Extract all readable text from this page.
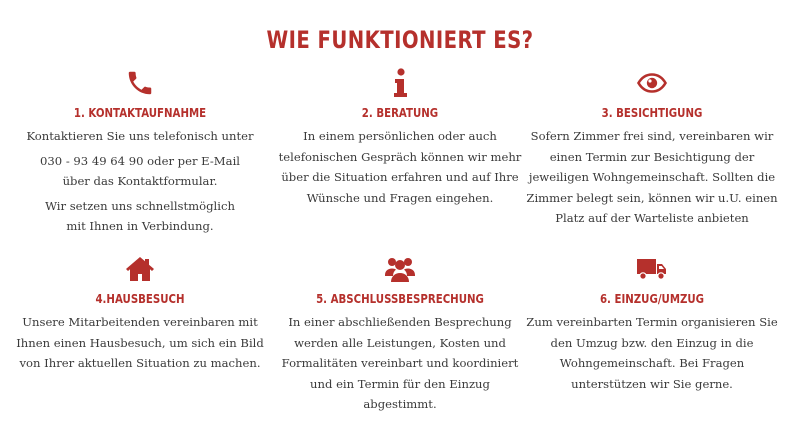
WIE FUNKTIONIERT ES?
1. KONTAKTAUFNAHME

Kontaktieren Sie uns telefonisch unter

030 - 93 49 64 90 oder per E-Mail über das Kontaktformular.

Wir setzen uns schnellstmöglich mit Ihnen in Verbindung.

2. BERATUNG

In einem persönlichen oder auch telefonischen Gespräch können wir mehr über die Situation erfahren und auf Ihre Wünsche und Fragen eingehen.

3. BESICHTIGUNG

Sofern Zimmer frei sind, vereinbaren wir einen Termin zur Besichtigung der jeweiligen Wohngemeinschaft. Sollten die Zimmer belegt sein, können wir u.U. einen Platz auf der Warteliste anbieten

4.HAUSBESUCH

Unsere Mitarbeitenden vereinbaren mit Ihnen einen Hausbesuch, um sich ein Bild von Ihrer aktuellen Situation zu machen.

5. ABSCHLUSSBESPRECHUNG

In einer abschließenden Besprechung werden alle Leistungen, Kosten und Formalitäten vereinbart und koordiniert und ein Termin für den Einzug abgestimmt.

6. EINZUG/UMZUG

Zum vereinbarten Termin organisieren Sie den Umzug bzw. den Einzug in die Wohngemeinschaft. Bei Fragen unterstützen wir Sie gerne.
